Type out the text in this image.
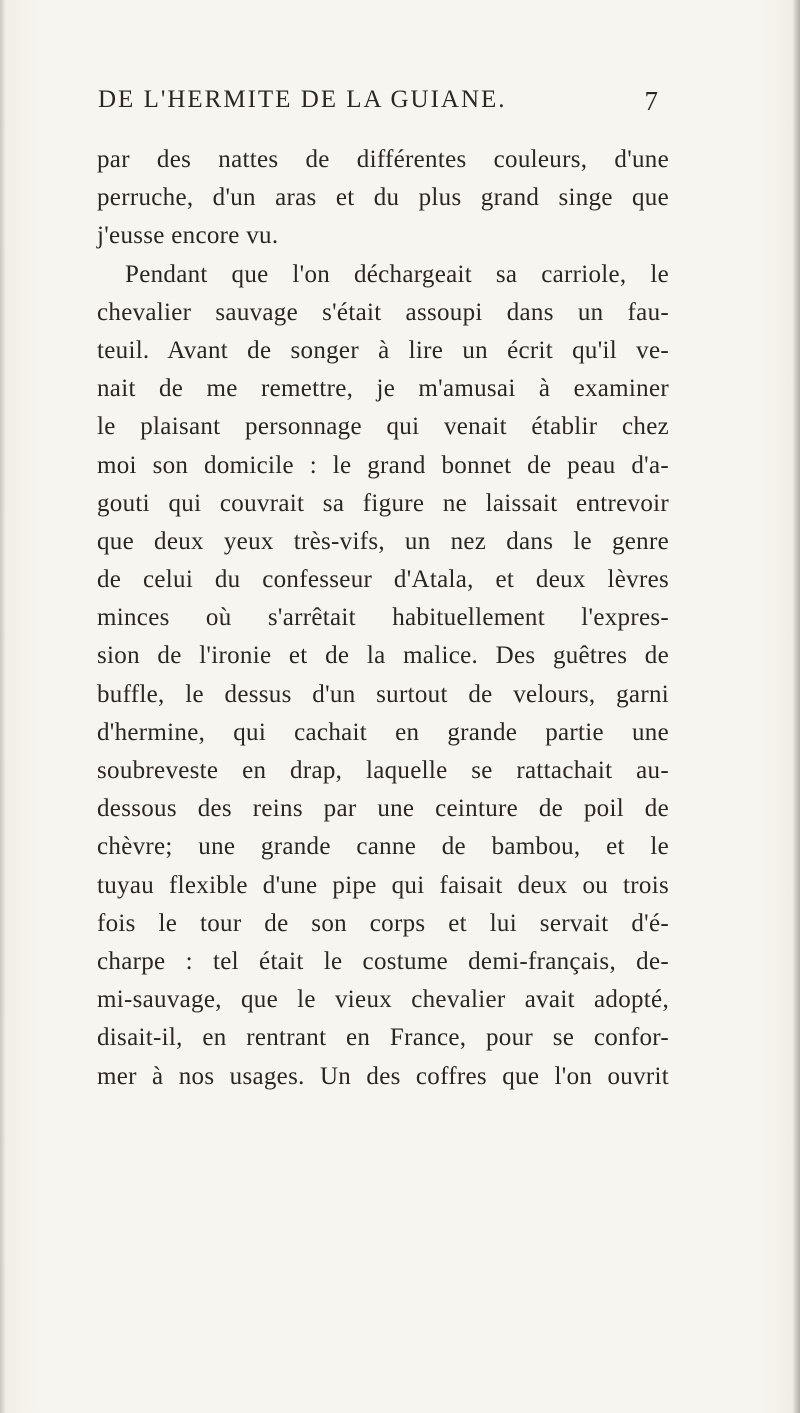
DE L'HERMITE DE LA GUIANE.	7
par des nattes de différentes couleurs, d'une
perruche, d'un aras et du plus grand singe que
j'eusse encore vu.
Pendant que l'on déchargeait sa carriole, le
chevalier sauvage s'était assoupi dans un fau-
teuil. Avant de songer à lire un écrit qu'il ve-
nait de me remettre, je m'amusai à examiner
le plaisant personnage qui venait établir chez
moi son domicile : le grand bonnet de peau d'a-
gouti qui couvrait sa figure ne laissait entrevoir
que deux yeux très-vifs, un nez dans le genre
de celui du confesseur d'Atala, et deux lèvres
minces où s'arrêtait habituellement l'expres-
sion de l'ironie et de la malice. Des guêtres de
buffle, le dessus d'un surtout de velours, garni
d'hermine, qui cachait en grande partie une
soubreveste en drap, laquelle se rattachait au-
dessous des reins par une ceinture de poil de
chèvre; une grande canne de bambou, et le
tuyau flexible d'une pipe qui faisait deux ou trois
fois le tour de son corps et lui servait d'é-
charpe : tel était le costume demi-français, de-
mi-sauvage, que le vieux chevalier avait adopté,
disait-il, en rentrant en France, pour se confor-
mer à nos usages. Un des coffres que l'on ouvrit
